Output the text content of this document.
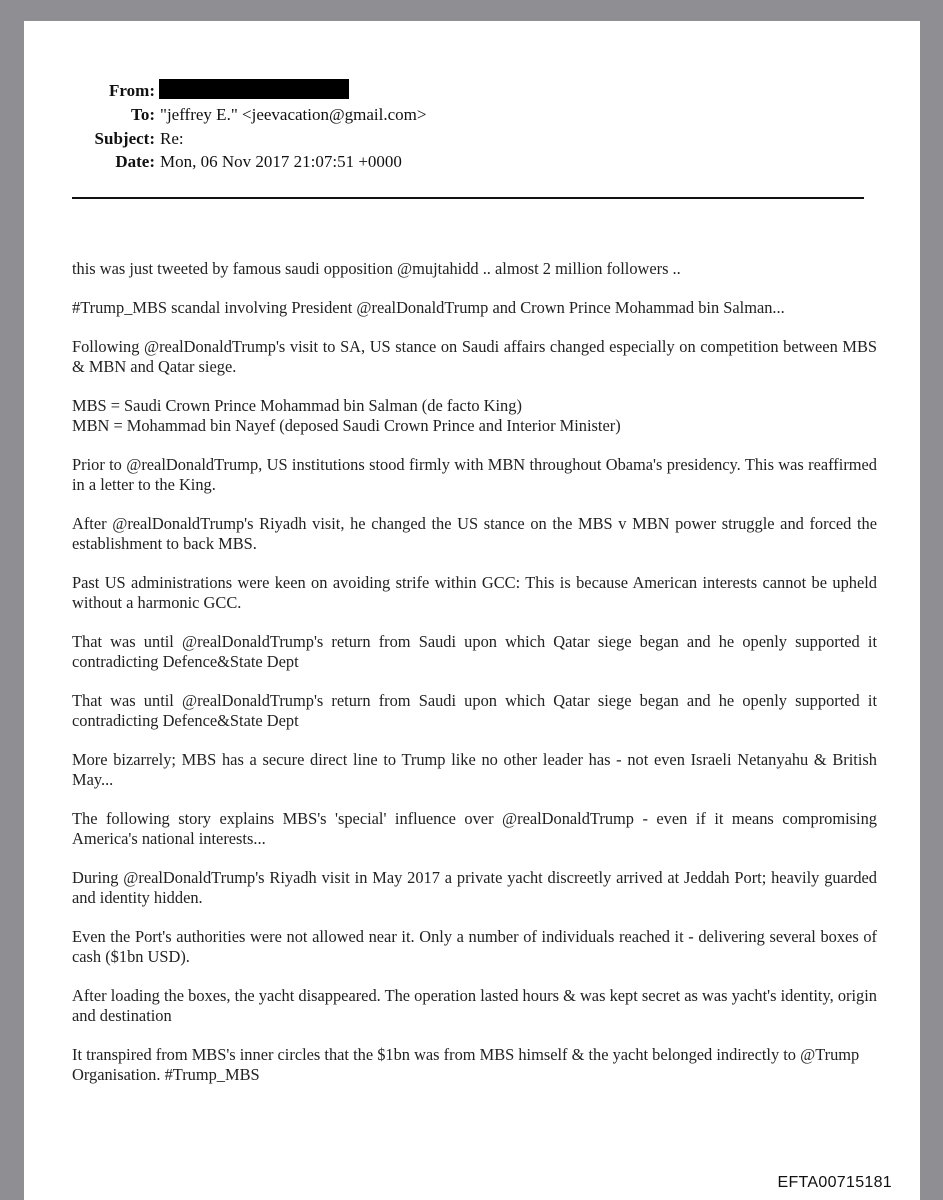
From:
To: "jeffrey E." <jeevacation@gmail.com>
Subject: Re:
Date: Mon, 06 Nov 2017 21:07:51 +0000

this was just tweeted by famous saudi opposition @mujtahidd .. almost 2 million followers ..

#Trump_MBS scandal involving President @realDonaldTrump and Crown Prince Mohammad bin Salman...

Following @realDonaldTrump's visit to SA, US stance on Saudi affairs changed especially on competition between MBS & MBN and Qatar siege.

MBS = Saudi Crown Prince Mohammad bin Salman (de facto King)
MBN = Mohammad bin Nayef (deposed Saudi Crown Prince and Interior Minister)

Prior to @realDonaldTrump, US institutions stood firmly with MBN throughout Obama's presidency. This was reaffirmed in a letter to the King.

After @realDonaldTrump's Riyadh visit, he changed the US stance on the MBS v MBN power struggle and forced the establishment to back MBS.

Past US administrations were keen on avoiding strife within GCC: This is because American interests cannot be upheld without a harmonic GCC.

That was until @realDonaldTrump's return from Saudi upon which Qatar siege began and he openly supported it contradicting Defence&State Dept

That was until @realDonaldTrump's return from Saudi upon which Qatar siege began and he openly supported it contradicting Defence&State Dept

More bizarrely; MBS has a secure direct line to Trump like no other leader has - not even Israeli Netanyahu & British May...

The following story explains MBS's 'special' influence over @realDonaldTrump - even if it means compromising America's national interests...

During @realDonaldTrump's Riyadh visit in May 2017 a private yacht discreetly arrived at Jeddah Port; heavily guarded and identity hidden.

Even the Port's authorities were not allowed near it. Only a number of individuals reached it - delivering several boxes of cash ($1bn USD).

After loading the boxes, the yacht disappeared. The operation lasted hours & was kept secret as was yacht's identity, origin and destination

It transpired from MBS's inner circles that the $1bn was from MBS himself & the yacht belonged indirectly to @Trump Organisation. #Trump_MBS

EFTA00715181
